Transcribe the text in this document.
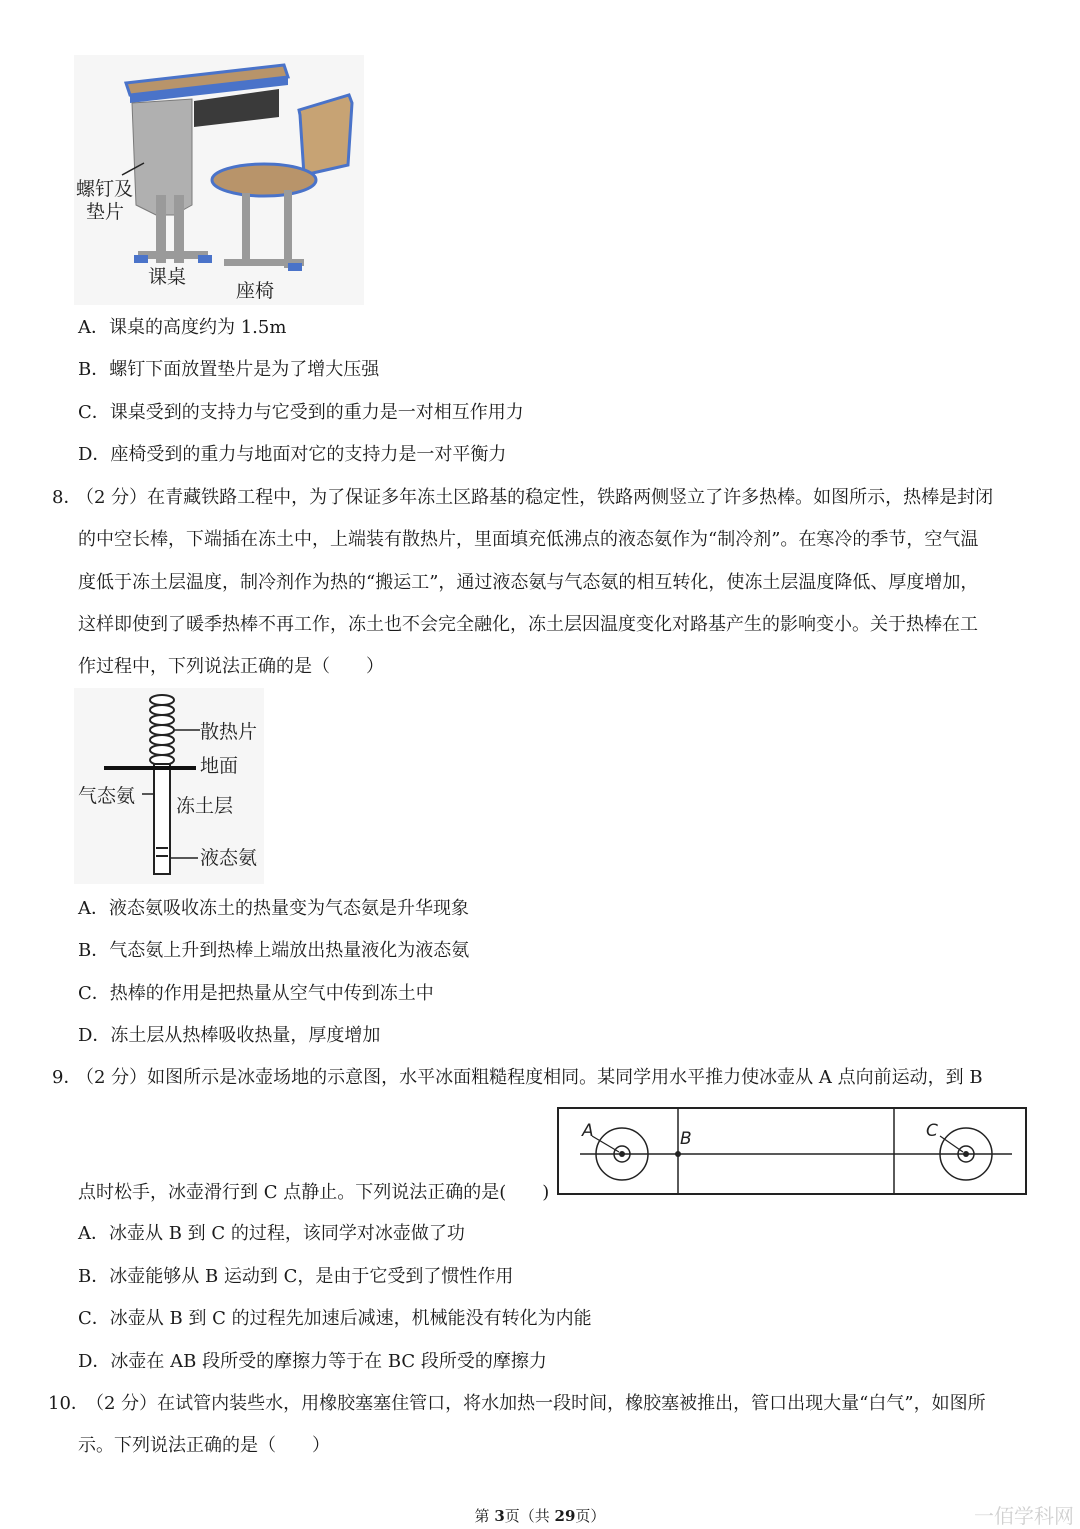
螺钉及
垫片
课桌
座椅
A．课桌的高度约为 1.5m
B．螺钉下面放置垫片是为了增大压强
C．课桌受到的支持力与它受到的重力是一对相互作用力
D．座椅受到的重力与地面对它的支持力是一对平衡力
8．
（2 分）在青藏铁路工程中，为了保证多年冻土区路基的稳定性，铁路两侧竖立了许多热棒。如图所示，热棒是封闭
的中空长棒，下端插在冻土中，上端装有散热片，里面填充低沸点的液态氨作为“制冷剂”。在寒冷的季节，空气温
度低于冻土层温度，制冷剂作为热的“搬运工”，通过液态氨与气态氨的相互转化，使冻土层温度降低、厚度增加，
这样即使到了暖季热棒不再工作，冻土也不会完全融化，冻土层因温度变化对路基产生的影响变小。关于热棒在工
作过程中，下列说法正确的是（　　）
散热片
地面
气态氨 冻土层
液态氨
A．液态氨吸收冻土的热量变为气态氨是升华现象
B．气态氨上升到热棒上端放出热量液化为液态氨
C．热棒的作用是把热量从空气中传到冻土中
D．冻土层从热棒吸收热量，厚度增加
9．
（2 分）如图所示是冰壶场地的示意图，水平冰面粗糙程度相同。某同学用水平推力使冰壶从 A 点向前运动，到 B
点时松手，冰壶滑行到 C 点静止。下列说法正确的是(　　)
A	B	C
A．冰壶从 B 到 C 的过程，该同学对冰壶做了功
B．冰壶能够从 B 运动到 C，是由于它受到了惯性作用
C．冰壶从 B 到 C 的过程先加速后减速，机械能没有转化为内能
D．冰壶在 AB 段所受的摩擦力等于在 BC 段所受的摩擦力
10．
（2 分）在试管内装些水，用橡胶塞塞住管口，将水加热一段时间，橡胶塞被推出，管口出现大量“白气”，如图所
示。下列说法正确的是（　　）
第 3页（共 29页）	一佰学科网
